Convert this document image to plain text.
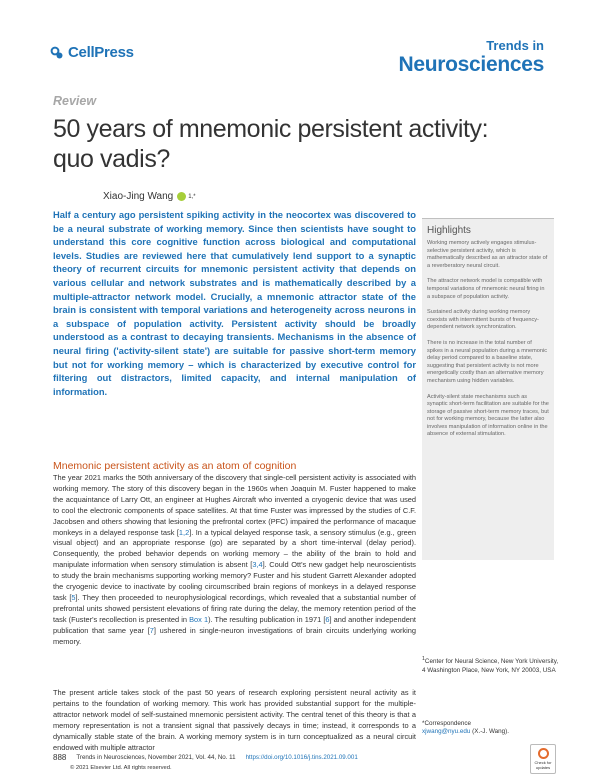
CellPress	Trends in
Neurosciences
Review
50 years of mnemonic persistent activity: quo vadis?
Xiao-Jing Wang	1,*
Half a century ago persistent spiking activity in the neocortex was discovered to be a neural substrate of working memory. Since then scientists have sought to understand this core cognitive function across biological and computational levels. Studies are reviewed here that cumulatively lend support to a synaptic theory of recurrent circuits for mnemonic persistent activity that depends on various cellular and network substrates and is mathematically described by a multiple-attractor network model. Crucially, a mnemonic attractor state of the brain is consistent with temporal variations and heterogeneity across neurons in a subspace of population activity. Persistent activity should be broadly understood as a contrast to decaying transients. Mechanisms in the absence of neural firing ('activity-silent state') are suitable for passive short-term memory but not for working memory – which is characterized by executive control for filtering out distractors, limited capacity, and internal manipulation of information.
Highlights
Working memory actively engages stimulus-selective persistent activity, which is mathematically described as an attractor state of a reverberatory neural circuit.
The attractor network model is compatible with temporal variations of mnemonic neural firing in a subspace of population activity.
Sustained activity during working memory coexists with intermittent bursts of frequency-dependent network synchronization.
There is no increase in the total number of spikes in a neural population during a mnemonic delay period compared to a baseline state, suggesting that persistent activity is not more energetically costly than an alternative memory mechanism using hidden variables.
Activity-silent state mechanisms such as synaptic short-term facilitation are suitable for the storage of passive short-term memory traces, but not for working memory, because the latter also involves manipulation of information online in the absence of external stimulation.
Mnemonic persistent activity as an atom of cognition
The year 2021 marks the 50th anniversary of the discovery that single-cell persistent activity is associated with working memory. The story of this discovery began in the 1960s when Joaquin M. Fuster happened to make the acquaintance of Larry Ott, an engineer at Hughes Aircraft who invented a cryogenic device that was used to cool the electronic components of space satellites. At that time Fuster was impressed by the studies of C.F. Jacobsen and others showing that lesioning the prefrontal cortex (PFC) impaired the performance of macaque monkeys in a delayed response task [1,2]. In a typical delayed response task, a sensory stimulus (e.g., green visual object) and an appropriate response (go) are separated by a short time-interval (delay period). Consequently, the probed behavior depends on working memory – the ability of the brain to hold and manipulate information when sensory stimulation is absent [3,4]. Could Ott's new gadget help neuroscientists to study the brain mechanisms supporting working memory? Fuster and his student Garrett Alexander adopted the cryogenic device to inactivate by cooling circumscribed brain regions of monkeys in a delayed response task [5]. They then proceeded to neurophysiological recordings, which revealed that a substantial number of prefrontal units showed persistent elevations of firing rate during the delay, the memory retention period of the task (Fuster's recollection is presented in Box 1). The resulting publication in 1971 [6] and another independent publication that same year [7] ushered in single-neuron investigations of brain circuits underlying working memory.
The present article takes stock of the past 50 years of research exploring persistent neural activity as it pertains to the foundation of working memory. This work has provided substantial support for the multiple-attractor network model of self-sustained mnemonic persistent activity. The central tenet of this theory is that a memory representation is not a transient signal that passively decays in time; instead, it corresponds to a dynamically stable state of the brain. A working memory system is in turn conceptualized as a neural circuit endowed with multiple attractor
$^1$Center for Neural Science, New York University, 4 Washington Place, New York, NY 20003, USA
*Correspondence
xjwang@nyu.edu (X.-J. Wang).
888 Trends in Neurosciences, November 2021, Vol. 44, No. 11 https://doi.org/10.1016/j.tins.2021.09.001
© 2021 Elsevier Ltd. All rights reserved.
Check for updates
